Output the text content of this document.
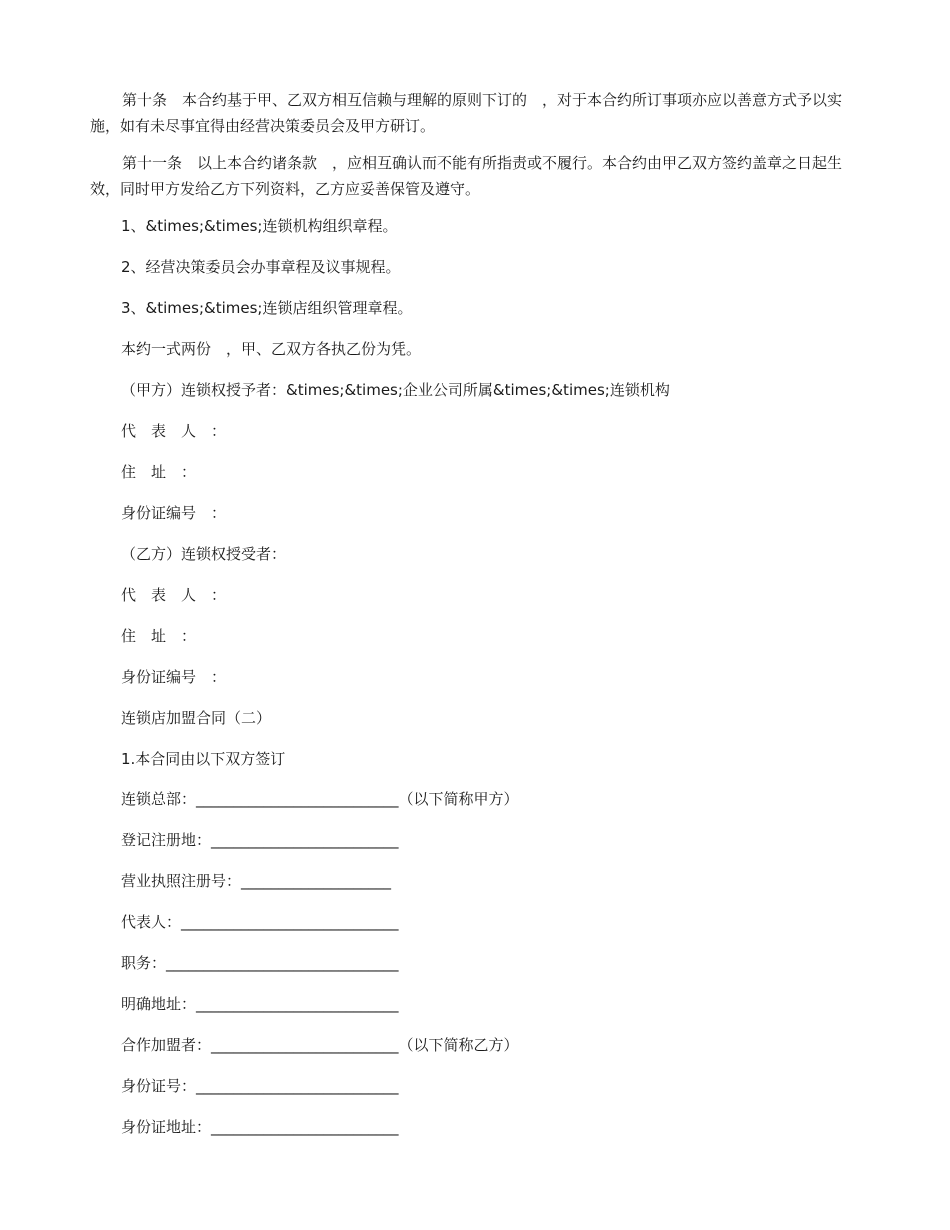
第十条　本合约基于甲、乙双方相互信赖与理解的原则下订的　，对于本合约所订事项亦应以善意方式予以实施，如有未尽事宜得由经营决策委员会及甲方研订。
第十一条　以上本合约诸条款　，应相互确认而不能有所指责或不履行。本合约由甲乙双方签约盖章之日起生效，同时甲方发给乙方下列资料，乙方应妥善保管及遵守。
1、&times;&times;连锁机构组织章程。
2、经营决策委员会办事章程及议事规程。
3、&times;&times;连锁店组织管理章程。
本约一式两份　，甲、乙双方各执乙份为凭。
（甲方）连锁权授予者：&times;&times;企业公司所属&times;&times;连锁机构
代　表　人　：
住　址　：
身份证编号　：
（乙方）连锁权授受者：
代　表　人　：
住　址　：
身份证编号　：
连锁店加盟合同（二）
1.本合同由以下双方签订
连锁总部：___________________________（以下简称甲方）
登记注册地：_________________________
营业执照注册号：____________________
代表人：_____________________________
职务：_______________________________
明确地址：___________________________
合作加盟者：_________________________（以下简称乙方）
身份证号：___________________________
身份证地址：_________________________
